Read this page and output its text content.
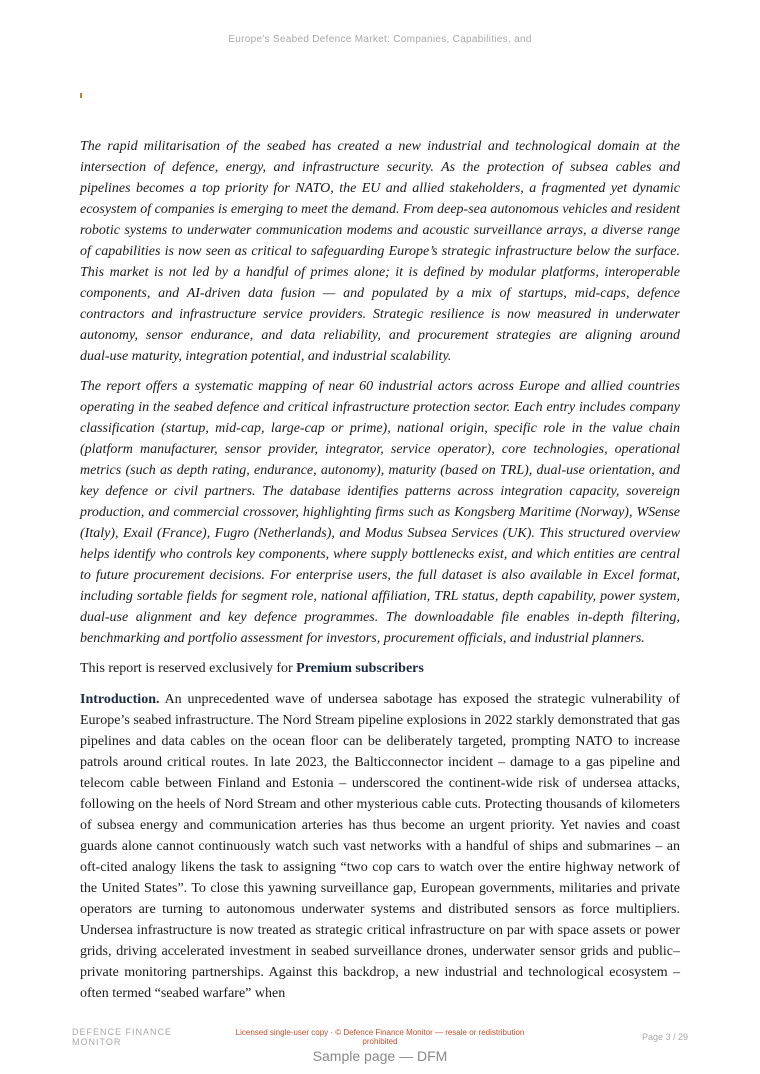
Europe's Seabed Defence Market: Companies, Capabilities, and

The rapid militarisation of the seabed has created a new industrial and technological domain at the intersection of defence, energy, and infrastructure security. As the protection of subsea cables and pipelines becomes a top priority for NATO, the EU and allied stakeholders, a fragmented yet dynamic ecosystem of companies is emerging to meet the demand. From deep-sea autonomous vehicles and resident robotic systems to underwater communication modems and acoustic surveillance arrays, a diverse range of capabilities is now seen as critical to safeguarding Europe’s strategic infrastructure below the surface. This market is not led by a handful of primes alone; it is defined by modular platforms, interoperable components, and AI‑driven data fusion — and populated by a mix of startups, mid-caps, defence contractors and infrastructure service providers. Strategic resilience is now measured in underwater autonomy, sensor endurance, and data reliability, and procurement strategies are aligning around dual‑use maturity, integration potential, and industrial scalability.

The report offers a systematic mapping of near 60 industrial actors across Europe and allied countries operating in the seabed defence and critical infrastructure protection sector. Each entry includes company classification (startup, mid-cap, large-cap or prime), national origin, specific role in the value chain (platform manufacturer, sensor provider, integrator, service operator), core technologies, operational metrics (such as depth rating, endurance, autonomy), maturity (based on TRL), dual‑use orientation, and key defence or civil partners. The database identifies patterns across integration capacity, sovereign production, and commercial crossover, highlighting firms such as Kongsberg Maritime (Norway), WSense (Italy), Exail (France), Fugro (Netherlands), and Modus Subsea Services (UK). This structured overview helps identify who controls key components, where supply bottlenecks exist, and which entities are central to future procurement decisions. For enterprise users, the full dataset is also available in Excel format, including sortable fields for segment role, national affiliation, TRL status, depth capability, power system, dual-use alignment and key defence programmes. The downloadable file enables in-depth filtering, benchmarking and portfolio assessment for investors, procurement officials, and industrial planners.

This report is reserved exclusively for Premium subscribers

Introduction. An unprecedented wave of undersea sabotage has exposed the strategic vulnerability of Europe’s seabed infrastructure. The Nord Stream pipeline explosions in 2022 starkly demonstrated that gas pipelines and data cables on the ocean floor can be deliberately targeted, prompting NATO to increase patrols around critical routes. In late 2023, the Balticconnector incident – damage to a gas pipeline and telecom cable between Finland and Estonia – underscored the continent-wide risk of undersea attacks, following on the heels of Nord Stream and other mysterious cable cuts. Protecting thousands of kilometers of subsea energy and communication arteries has thus become an urgent priority. Yet navies and coast guards alone cannot continuously watch such vast networks with a handful of ships and submarines – an oft-cited analogy likens the task to assigning “two cop cars to watch over the entire highway network of the United States”. To close this yawning surveillance gap, European governments, militaries and private operators are turning to autonomous underwater systems and distributed sensors as force multipliers. Undersea infrastructure is now treated as strategic critical infrastructure on par with space assets or power grids, driving accelerated investment in seabed surveillance drones, underwater sensor grids and public–private monitoring partnerships. Against this backdrop, a new industrial and technological ecosystem – often termed “seabed warfare” when

DEFENCE FINANCE
MONITOR
Licensed single-user copy · © Defence Finance Monitor — resale or redistribution prohibited	Page 3 / 29
Sample page — DFM
